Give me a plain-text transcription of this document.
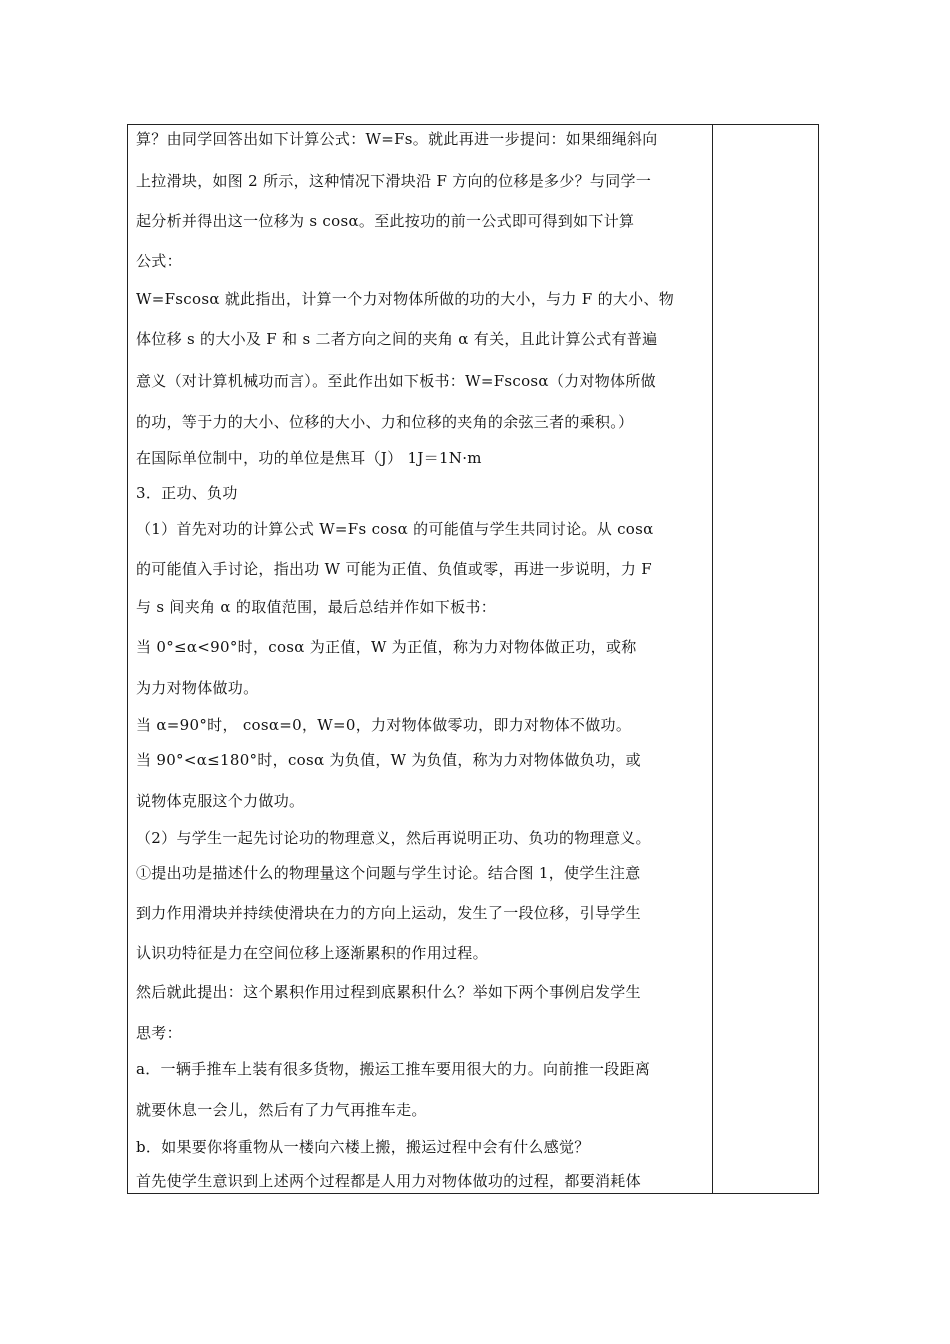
算？由同学回答出如下计算公式：W=Fs。就此再进一步提问：如果细绳斜向
上拉滑块，如图 2 所示，这种情况下滑块沿 F 方向的位移是多少？与同学一
起分析并得出这一位移为 s cosα。至此按功的前一公式即可得到如下计算
公式：
W=Fscosα 就此指出，计算一个力对物体所做的功的大小，与力 F 的大小、物
体位移 s 的大小及 F 和 s 二者方向之间的夹角 α 有关，且此计算公式有普遍
意义（对计算机械功而言）。至此作出如下板书：W=Fscosα（力对物体所做
的功，等于力的大小、位移的大小、力和位移的夹角的余弦三者的乘积。）
在国际单位制中，功的单位是焦耳（J） 1J＝1N·m
3．正功、负功
（1）首先对功的计算公式 W=Fs cosα 的可能值与学生共同讨论。从 cosα
的可能值入手讨论，指出功 W 可能为正值、负值或零，再进一步说明，力 F
与 s 间夹角 α 的取值范围，最后总结并作如下板书：
当 0°≤α<90°时，cosα 为正值，W 为正值，称为力对物体做正功，或称
为力对物体做功。
当 α=90°时， cosα=0，W=0，力对物体做零功，即力对物体不做功。
当 90°<α≤180°时，cosα 为负值，W 为负值，称为力对物体做负功，或
说物体克服这个力做功。
（2）与学生一起先讨论功的物理意义，然后再说明正功、负功的物理意义。
①提出功是描述什么的物理量这个问题与学生讨论。结合图 1，使学生注意
到力作用滑块并持续使滑块在力的方向上运动，发生了一段位移，引导学生
认识功特征是力在空间位移上逐渐累积的作用过程。
然后就此提出：这个累积作用过程到底累积什么？举如下两个事例启发学生
思考：
a．一辆手推车上装有很多货物，搬运工推车要用很大的力。向前推一段距离
就要休息一会儿，然后有了力气再推车走。
b．如果要你将重物从一楼向六楼上搬，搬运过程中会有什么感觉？
首先使学生意识到上述两个过程都是人用力对物体做功的过程，都要消耗体
